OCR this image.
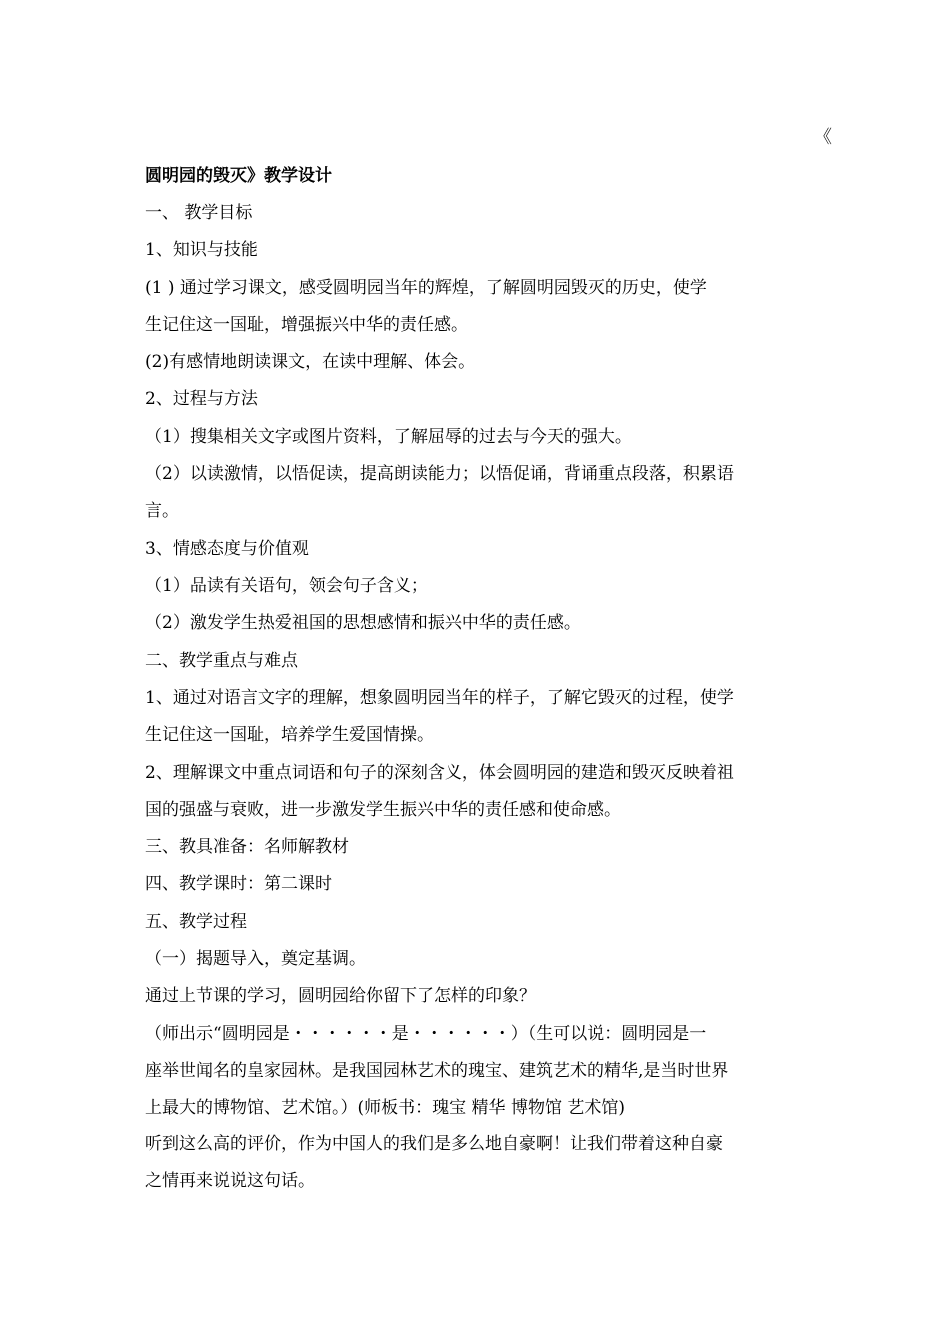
《
圆明园的毁灭》教学设计
一、 教学目标
1、知识与技能
(1 ) 通过学习课文，感受圆明园当年的辉煌，了解圆明园毁灭的历史，使学
生记住这一国耻，增强振兴中华的责任感。
(2)有感情地朗读课文，在读中理解、体会。
2、过程与方法
（1）搜集相关文字或图片资料，了解屈辱的过去与今天的强大。
（2）以读激情，以悟促读，提高朗读能力；以悟促诵，背诵重点段落，积累语
言。
3、情感态度与价值观
（1）品读有关语句，领会句子含义；
（2）激发学生热爱祖国的思想感情和振兴中华的责任感。
二、教学重点与难点
1、通过对语言文字的理解，想象圆明园当年的样子，了解它毁灭的过程，使学
生记住这一国耻，培养学生爱国情操。
2、理解课文中重点词语和句子的深刻含义，体会圆明园的建造和毁灭反映着祖
国的强盛与衰败，进一步激发学生振兴中华的责任感和使命感。
三、教具准备：名师解教材
四、教学课时：第二课时
五、教学过程
（一）揭题导入，奠定基调。
通过上节课的学习，圆明园给你留下了怎样的印象？
（师出示“圆明园是・・・・・・是・・・・・・）（生可以说：圆明园是一
座举世闻名的皇家园林。是我国园林艺术的瑰宝、建筑艺术的精华,是当时世界
上最大的博物馆、艺术馆。）(师板书：瑰宝 精华 博物馆 艺术馆)
听到这么高的评价，作为中国人的我们是多么地自豪啊！让我们带着这种自豪
之情再来说说这句话。
